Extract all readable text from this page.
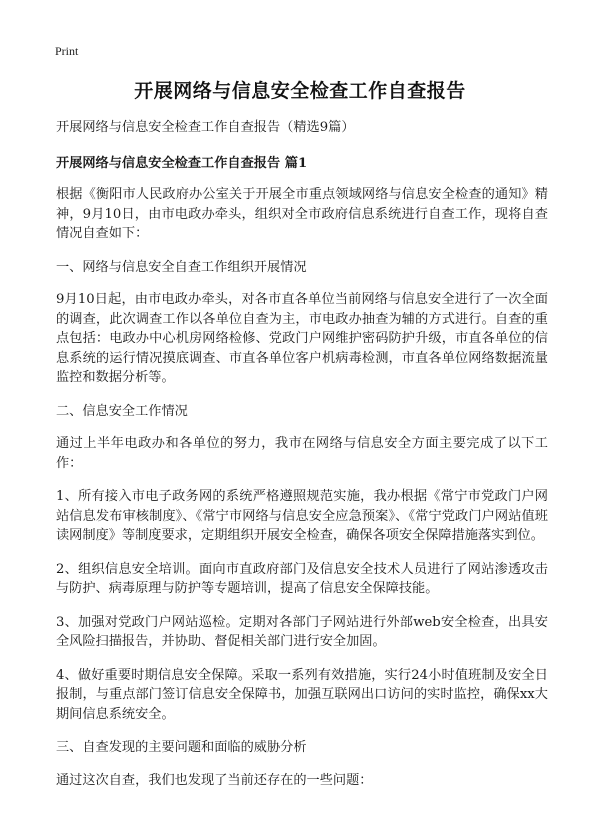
Print
开展网络与信息安全检查工作自查报告

开展网络与信息安全检查工作自查报告（精选9篇）

开展网络与信息安全检查工作自查报告 篇1

根据《衡阳市人民政府办公室关于开展全市重点领域网络与信息安全检查的通知》精神，9月10日，由市电政办牵头，组织对全市政府信息系统进行自查工作，现将自查情况自查如下：

一、网络与信息安全自查工作组织开展情况

9月10日起，由市电政办牵头，对各市直各单位当前网络与信息安全进行了一次全面的调查，此次调查工作以各单位自查为主，市电政办抽查为辅的方式进行。自查的重点包括：电政办中心机房网络检修、党政门户网维护密码防护升级，市直各单位的信息系统的运行情况摸底调查、市直各单位客户机病毒检测，市直各单位网络数据流量监控和数据分析等。

二、信息安全工作情况

通过上半年电政办和各单位的努力，我市在网络与信息安全方面主要完成了以下工作：

1、所有接入市电子政务网的系统严格遵照规范实施，我办根据《常宁市党政门户网站信息发布审核制度》、《常宁市网络与信息安全应急预案》、《常宁党政门户网站值班读网制度》等制度要求，定期组织开展安全检查，确保各项安全保障措施落实到位。

2、组织信息安全培训。面向市直政府部门及信息安全技术人员进行了网站渗透攻击与防护、病毒原理与防护等专题培训，提高了信息安全保障技能。

3、加强对党政门户网站巡检。定期对各部门子网站进行外部web安全检查，出具安全风险扫描报告，并协助、督促相关部门进行安全加固。

4、做好重要时期信息安全保障。采取一系列有效措施，实行24小时值班制及安全日报制，与重点部门签订信息安全保障书，加强互联网出口访问的实时监控，确保xx大期间信息系统安全。

三、自查发现的主要问题和面临的威胁分析

通过这次自查，我们也发现了当前还存在的一些问题：
